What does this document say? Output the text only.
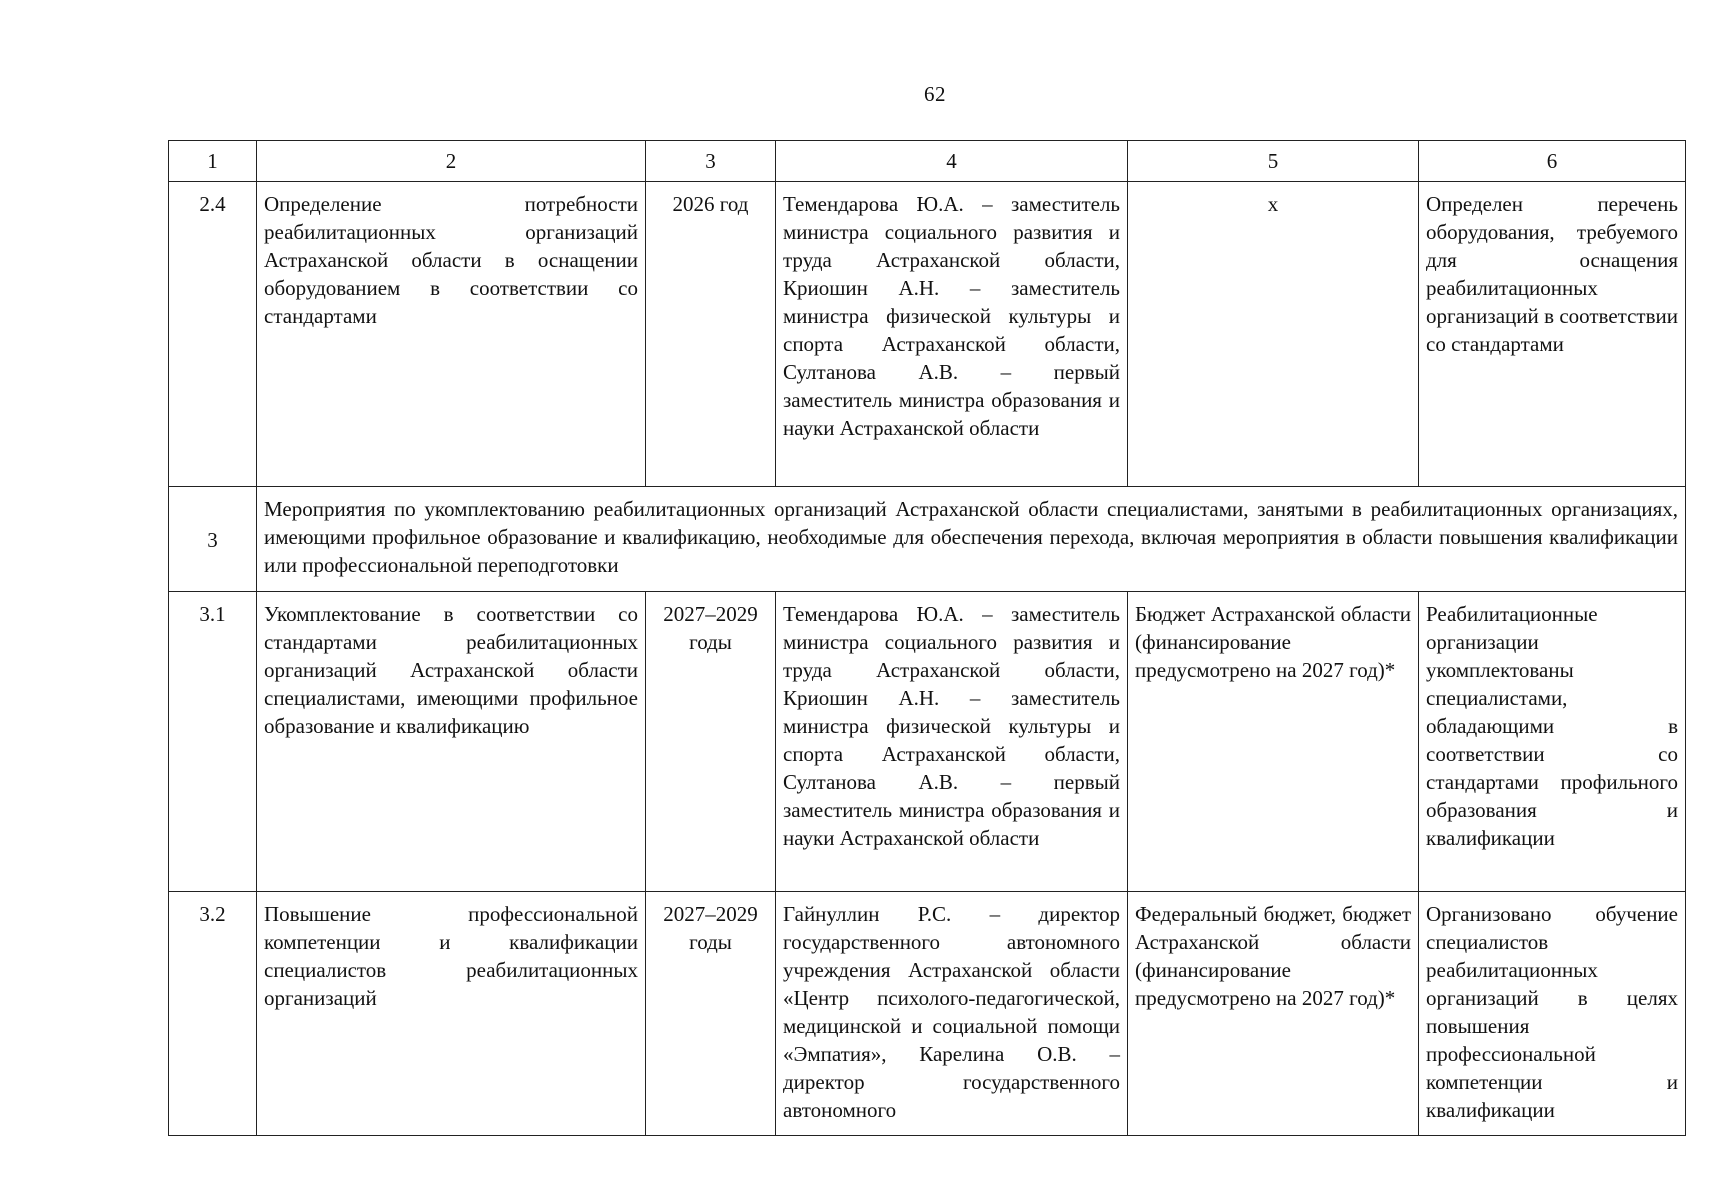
62
1	2	3	4	5	6
2.4	Определение потребности реабилитационных организаций Астраханской области в оснащении оборудованием в соответствии со стандартами	2026 год	Темендарова Ю.А. – заместитель министра социального развития и труда Астраханской области, Криошин А.Н. – заместитель министра физической культуры и спорта Астраханской области, Султанова А.В. – первый заместитель министра образования и науки Астраханской области	х	Определен перечень оборудования, требуемого для оснащения реабилитационных организаций в соответствии со стандартами
3	Мероприятия по укомплектованию реабилитационных организаций Астраханской области специалистами, занятыми в реабилитационных организациях, имеющими профильное образование и квалификацию, необходимые для обеспечения перехода, включая мероприятия в области повышения квалификации или профессиональной переподготовки				
3.1	Укомплектование в соответствии со стандартами реабилитационных организаций Астраханской области специалистами, имеющими профильное образование и квалификацию	2027–2029 годы	Темендарова Ю.А. – заместитель министра социального развития и труда Астраханской области, Криошин А.Н. – заместитель министра физической культуры и спорта Астраханской области, Султанова А.В. – первый заместитель министра образования и науки Астраханской области	Бюджет Астраханской области (финансирование предусмотрено на 2027 год)*	Реабилитационные организации укомплектованы специалистами, обладающими в соответствии со стандартами профильного образования и квалификации
3.2	Повышение профессиональной компетенции и квалификации специалистов реабилитационных организаций	2027–2029 годы	Гайнуллин Р.С. – директор государственного автономного учреждения Астраханской области «Центр психолого-педагогической, медицинской и социальной помощи «Эмпатия», Карелина О.В. – директор государственного автономного	Федеральный бюджет, бюджет Астраханской области (финансирование предусмотрено на 2027 год)*	Организовано обучение специалистов реабилитационных организаций в целях повышения профессиональной компетенции и квалификации
